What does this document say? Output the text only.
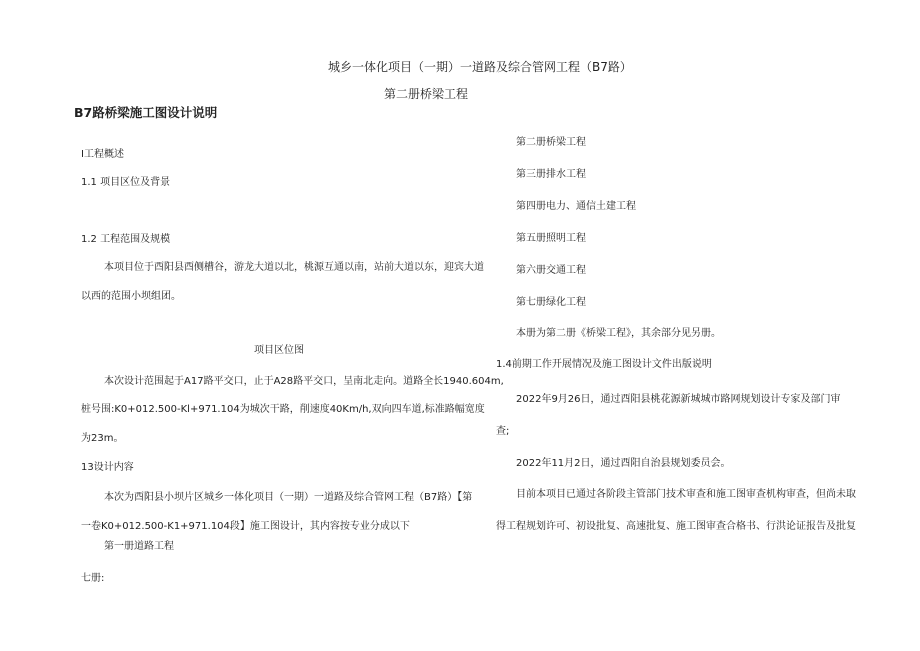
城乡一体化项目（一期）一道路及综合管网工程（B7路）
第二册桥梁工程
B7路桥梁施工图设计说明
I工程概述
1.1 项目区位及背景
1.2 工程范围及规模
本项目位于酉阳县酉侧槽谷，游龙大道以北，桃源互通以南，站前大道以东，迎宾大道
以西的范围小坝组团。
项目区位图
本次设计范围起于A17路平交口，止于A28路平交口，呈南北走向。道路全长1940.604m,
桩号围:K0+012.500-Kl+971.104为城次干路，削速度40Km/h,双向四车道,标准路幅宽度
为23m。
13设计内容
本次为酉阳县小坝片区城乡一体化项目（一期）一道路及综合管网工程（B7路）【第
一卷K0+012.500-K1+971.104段】施工图设计，其内容按专业分成以下
第一册道路工程
七册:
第二册桥梁工程
第三册排水工程
第四册电力、通信土建工程
第五册照明工程
第六册交通工程
第七册绿化工程
本册为第二册《桥梁工程》，其余部分见另册。
1.4前期工作开展情况及施工图设计文件出版说明
2022年9月26日，通过酉阳县桃花源新城城市路网规划设计专家及部门审
查;
2022年11月2日，通过酉阳自治县规划委员会。
目前本项目已通过各阶段主管部门技术审查和施工图审查机构审查，但尚未取
得工程规划许可、初设批复、高速批复、施工图审查合格书、行洪论证报告及批复
